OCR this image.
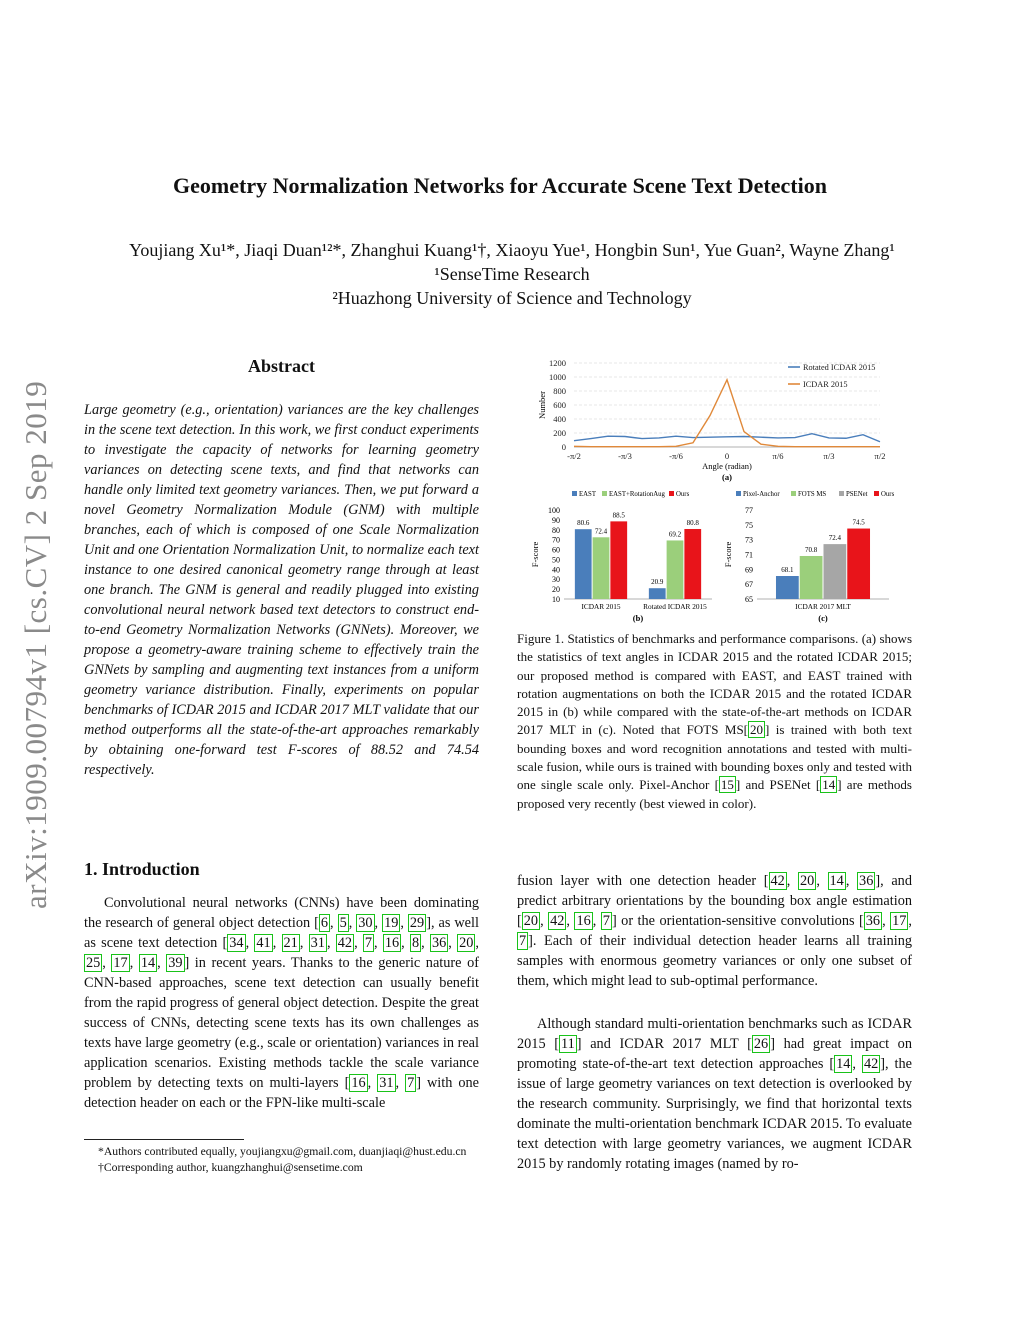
arXiv:1909.00794v1 [cs.CV] 2 Sep 2019
Geometry Normalization Networks for Accurate Scene Text Detection
Youjiang Xu¹*, Jiaqi Duan¹²*, Zhanghui Kuang¹†, Xiaoyu Yue¹, Hongbin Sun¹, Yue Guan², Wayne Zhang¹
¹SenseTime Research
²Huazhong University of Science and Technology
Abstract
Large geometry (e.g., orientation) variances are the key challenges in the scene text detection. In this work, we first conduct experiments to investigate the capacity of networks for learning geometry variances on detecting scene texts, and find that networks can handle only limited text geometry variances. Then, we put forward a novel Geometry Normalization Module (GNM) with multiple branches, each of which is composed of one Scale Normalization Unit and one Orientation Normalization Unit, to normalize each text instance to one desired canonical geometry range through at least one branch. The GNM is general and readily plugged into existing convolutional neural network based text detectors to construct end-to-end Geometry Normalization Networks (GNNets). Moreover, we propose a geometry-aware training scheme to effectively train the GNNets by sampling and augmenting text instances from a uniform geometry variance distribution. Finally, experiments on popular benchmarks of ICDAR 2015 and ICDAR 2017 MLT validate that our method outperforms all the state-of-the-art approaches remarkably by obtaining one-forward test F-scores of 88.52 and 74.54 respectively.
1. Introduction
Convolutional neural networks (CNNs) have been dominating the research of general object detection [ 6 , 5 , 30 , 19 , 29 ], as well as scene text detection [ 34 , 41 , 21 , 31 , 42 , 7 , 16 , 8 , 36 , 20 , 25 , 17 , 14 , 39 ] in recent years. Thanks to the generic nature of CNN-based approaches, scene text detection can usually benefit from the rapid progress of general object detection. Despite the great success of CNNs, detecting scene texts has its own challenges as texts have large geometry (e.g., scale or orientation) variances in real application scenarios. Existing methods tackle the scale variance problem by detecting texts on multi-layers [ 16 , 31 , 7 ] with one detection header on each or the FPN-like multi-scale

*Authors contributed equally, youjiangxu@gmail.com, duanjiaqi@hust.edu.cn

†Corresponding author, kuangzhanghui@sensetime.com

0
200
400
600
800
1000
1200
-π/2	-π/3	-π/6	0	π/6	π/3	π/2
Angle (radian)
(a)
Number
Rotated ICDAR 2015
ICDAR 2015
10
20
30
40
50
60
70
80
90
100
F-score
80.6
72.4
88.5
ICDAR 2015
20.9
69.2
80.8
Rotated ICDAR 2015
(b)
EAST EAST+RotationAug Ours
65
67
69
71
73
75
77
F-score
68.1
70.8
72.4
74.5
ICDAR 2017 MLT
(c)
Pixel-Anchor	FOTS MS	PSENet Ours
Figure 1. Statistics of benchmarks and performance comparisons. (a) shows the statistics of text angles in ICDAR 2015 and the rotated ICDAR 2015; our proposed method is compared with EAST, and EAST trained with rotation augmentations on both the ICDAR 2015 and the rotated ICDAR 2015 in (b) while compared with the state-of-the-art methods on ICDAR 2017 MLT in (c). Noted that FOTS MS[ 20 ] is trained with both text bounding boxes and word recognition annotations and tested with multi-scale fusion, while ours is trained with bounding boxes only and tested with one single scale only. Pixel-Anchor [ 15 ] and PSENet [ 14 ] are methods proposed very recently (best viewed in color).
fusion layer with one detection header [ 42 , 20 , 14 , 36 ], and predict arbitrary orientations by the bounding box angle estimation [ 20 , 42 , 16 , 7 ] or the orientation-sensitive convolutions [ 36 , 17 , 7 ]. Each of their individual detection header learns all training samples with enormous geometry variances or only one subset of them, which might lead to sub-optimal performance.
Although standard multi-orientation benchmarks such as ICDAR 2015 [ 11 ] and ICDAR 2017 MLT [ 26 ] had great impact on promoting state-of-the-art text detection approaches [ 14 , 42 ], the issue of large geometry variances on text detection is overlooked by the research community. Surprisingly, we find that horizontal texts dominate the multi-orientation benchmark ICDAR 2015. To evaluate text detection with large geometry variances, we augment ICDAR 2015 by randomly rotating images (named by ro-
